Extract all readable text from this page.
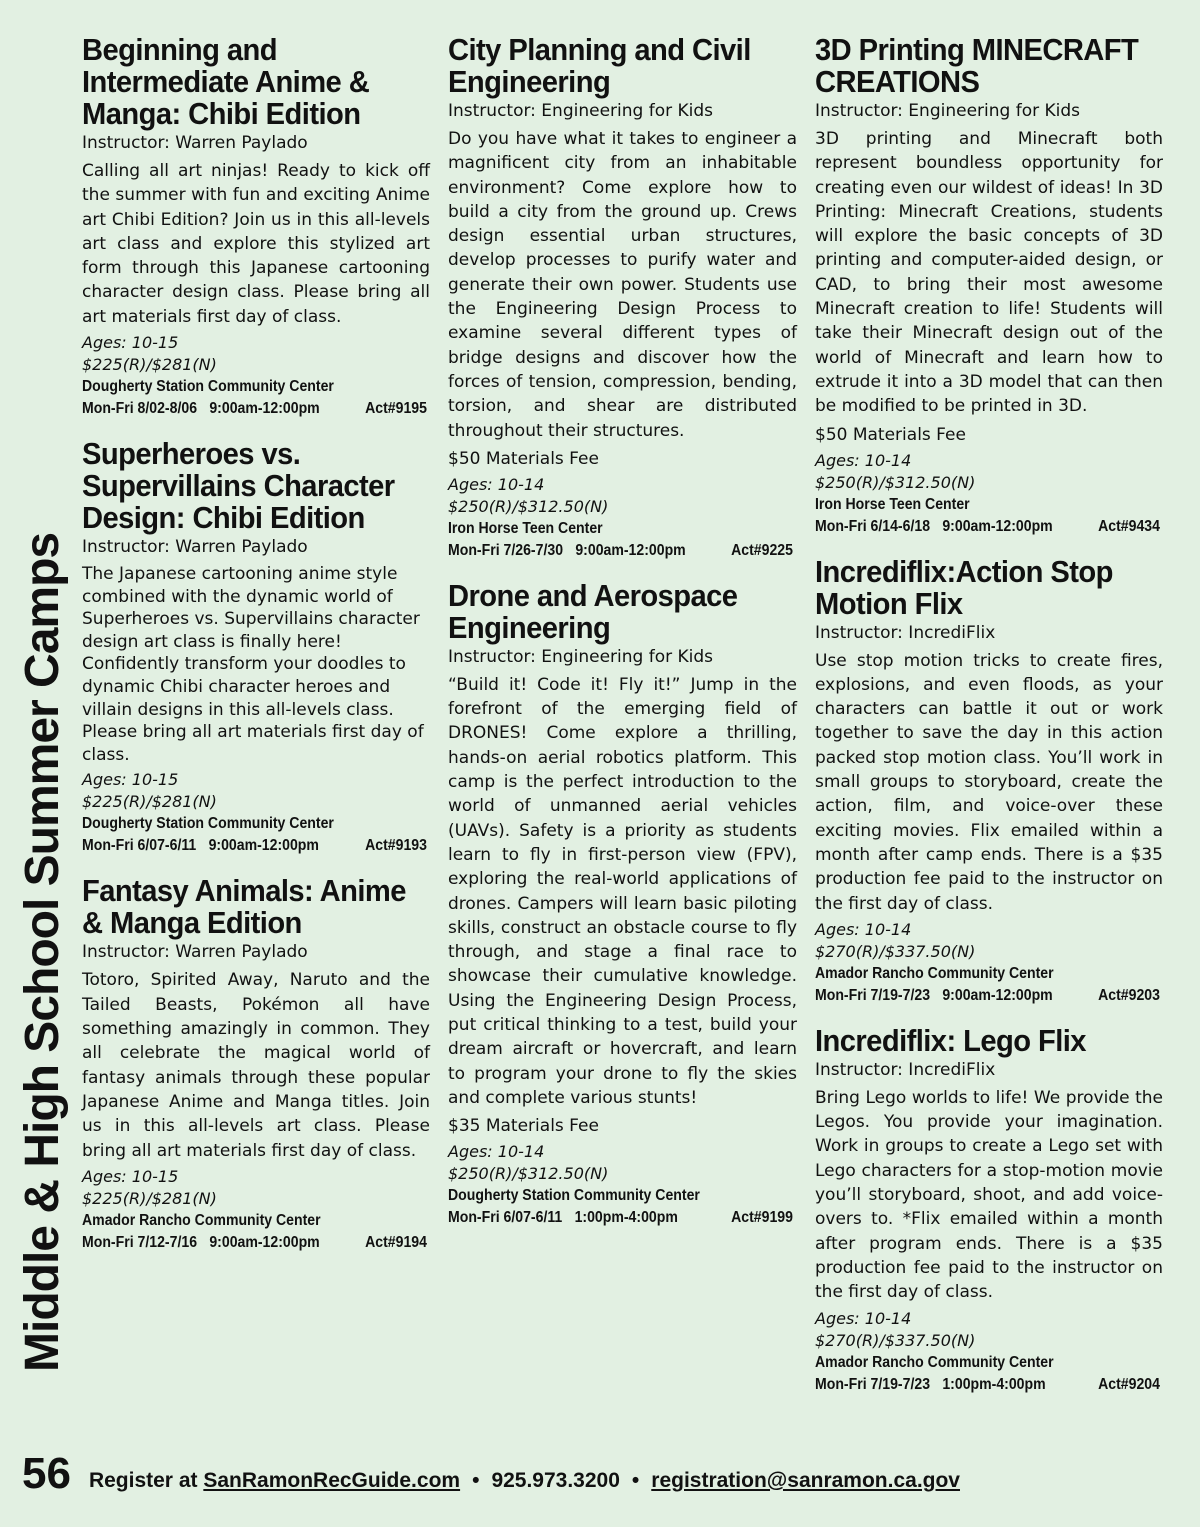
Middle & High School Summer Camps
Beginning and Intermediate Anime & Manga: Chibi Edition
Instructor: Warren Paylado
Calling all art ninjas! Ready to kick off the summer with fun and exciting Anime art Chibi Edition? Join us in this all-levels art class and explore this stylized art form through this Japanese cartooning character design class. Please bring all art materials first day of class.
Ages: 10-15
$225(R)/$281(N)
Dougherty Station Community Center
Mon-Fri 8/02-8/06 9:00am-12:00pm	Act#9195
Superheroes vs. Supervillains Character Design: Chibi Edition
Instructor: Warren Paylado
The Japanese cartooning anime style combined with the dynamic world of Superheroes vs. Supervillains character design art class is finally here! Confidently transform your doodles to dynamic Chibi character heroes and villain designs in this all-levels class. Please bring all art materials first day of class.
Ages: 10-15
$225(R)/$281(N)
Dougherty Station Community Center
Mon-Fri 6/07-6/11 9:00am-12:00pm	Act#9193
Fantasy Animals: Anime & Manga Edition
Instructor: Warren Paylado
Totoro, Spirited Away, Naruto and the Tailed Beasts, Pokémon all have something amazingly in common. They all celebrate the magical world of fantasy animals through these popular Japanese Anime and Manga titles. Join us in this all-levels art class. Please bring all art materials first day of class.
Ages: 10-15
$225(R)/$281(N)
Amador Rancho Community Center
Mon-Fri 7/12-7/16 9:00am-12:00pm	Act#9194
City Planning and Civil Engineering
Instructor: Engineering for Kids
Do you have what it takes to engineer a magnificent city from an inhabitable environment? Come explore how to build a city from the ground up. Crews design essential urban structures, develop processes to purify water and generate their own power. Students use the Engineering Design Process to examine several different types of bridge designs and discover how the forces of tension, compression, bending, torsion, and shear are distributed throughout their structures.
$50 Materials Fee
Ages: 10-14
$250(R)/$312.50(N)
Iron Horse Teen Center
Mon-Fri 7/26-7/30 9:00am-12:00pm	Act#9225
Drone and Aerospace Engineering
Instructor: Engineering for Kids
“Build it! Code it! Fly it!” Jump in the forefront of the emerging field of DRONES! Come explore a thrilling, hands-on aerial robotics platform. This camp is the perfect introduction to the world of unmanned aerial vehicles (UAVs). Safety is a priority as students learn to fly in first-person view (FPV), exploring the real-world applications of drones. Campers will learn basic piloting skills, construct an obstacle course to fly through, and stage a final race to showcase their cumulative knowledge. Using the Engineering Design Process, put critical thinking to a test, build your dream aircraft or hovercraft, and learn to program your drone to fly the skies and complete various stunts!
$35 Materials Fee
Ages: 10-14
$250(R)/$312.50(N)
Dougherty Station Community Center
Mon-Fri 6/07-6/11 1:00pm-4:00pm	Act#9199
3D Printing MINECRAFT CREATIONS
Instructor: Engineering for Kids
3D printing and Minecraft both represent boundless opportunity for creating even our wildest of ideas! In 3D Printing: Minecraft Creations, students will explore the basic concepts of 3D printing and computer-aided design, or CAD, to bring their most awesome Minecraft creation to life! Students will take their Minecraft design out of the world of Minecraft and learn how to extrude it into a 3D model that can then be modified to be printed in 3D.
$50 Materials Fee
Ages: 10-14
$250(R)/$312.50(N)
Iron Horse Teen Center
Mon-Fri 6/14-6/18 9:00am-12:00pm	Act#9434
Incrediflix:Action Stop Motion Flix
Instructor: IncrediFlix
Use stop motion tricks to create fires, explosions, and even floods, as your characters can battle it out or work together to save the day in this action packed stop motion class. You’ll work in small groups to storyboard, create the action, film, and voice-over these exciting movies. Flix emailed within a month after camp ends. There is a $35 production fee paid to the instructor on the first day of class.
Ages: 10-14
$270(R)/$337.50(N)
Amador Rancho Community Center
Mon-Fri 7/19-7/23 9:00am-12:00pm	Act#9203
Incrediflix: Lego Flix
Instructor: IncrediFlix
Bring Lego worlds to life! We provide the Legos. You provide your imagination. Work in groups to create a Lego set with Lego characters for a stop-motion movie you’ll storyboard, shoot, and add voice-overs to. *Flix emailed within a month after program ends. There is a $35 production fee paid to the instructor on the first day of class.
Ages: 10-14
$270(R)/$337.50(N)
Amador Rancho Community Center
Mon-Fri 7/19-7/23 1:00pm-4:00pm	Act#9204
56 Register at
SanRamonRecGuide.com • 925.973.3200 • registration@sanramon.ca.gov
